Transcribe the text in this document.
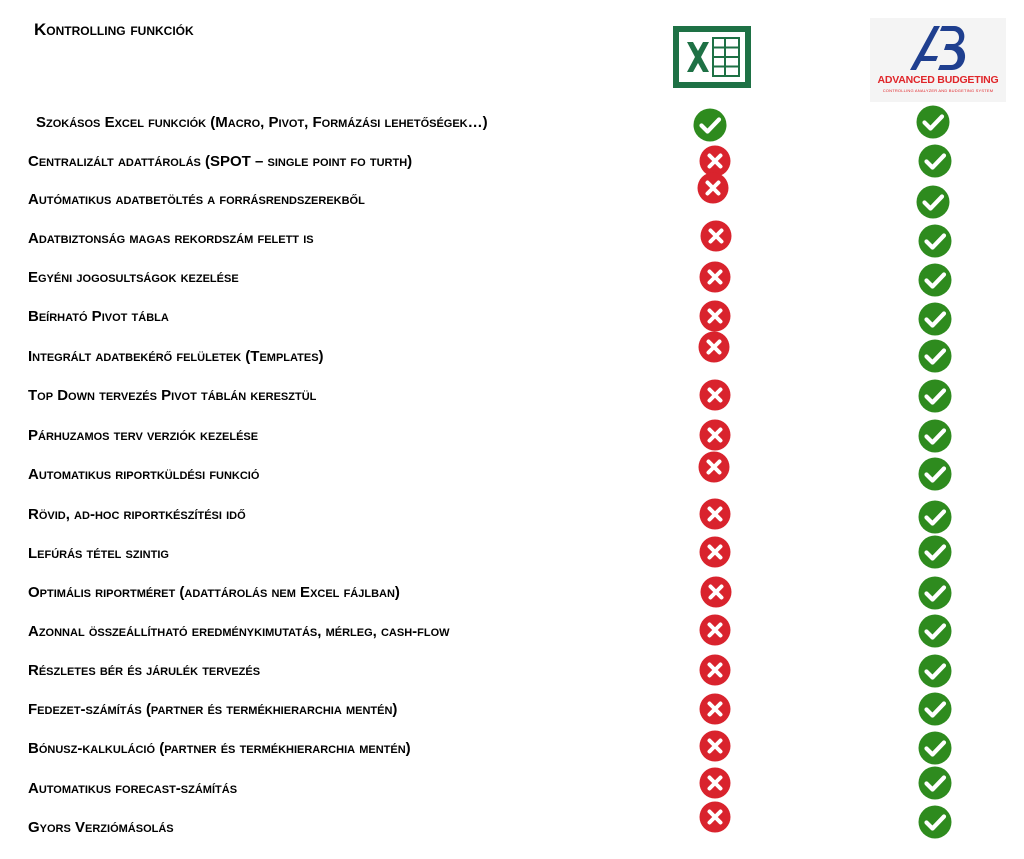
Kontrolling funkciók
ADVANCED BUDGETING
CONTROLLING ANALYZER AND BUDGETING SYSTEM
Szokásos Excel funkciók (Macro, Pivot, Formázási lehetőségek…)
Centralizált adattárolás (SPOT – single point fo turth)
Autómatikus adatbetöltés a forrásrendszerekből
Adatbiztonság magas rekordszám felett is
Egyéni jogosultságok kezelése
Beírható Pivot tábla
Integrált adatbekérő felületek (Templates)
Top Down tervezés Pivot táblán keresztül
Párhuzamos terv verziók kezelése
Automatikus riportküldési funkció
Rövid, ad-hoc riportkészítési idő
Lefúrás tétel szintig
Optimális riportméret (adattárolás nem Excel fájlban)
Azonnal összeállítható eredménykimutatás, mérleg, cash-flow
Részletes bér és járulék tervezés
Fedezet-számítás (partner és termékhierarchia mentén)
Bónusz-kalkuláció (partner és termékhierarchia mentén)
Automatikus forecast-számítás
Gyors Verziómásolás
